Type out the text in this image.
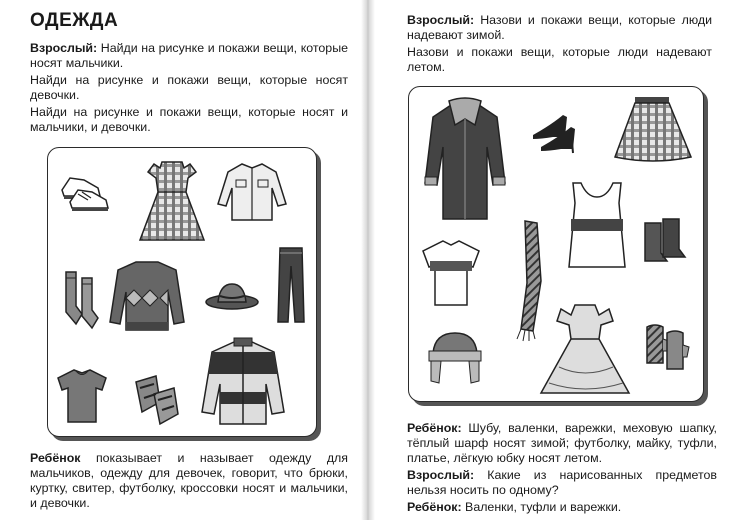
ОДЕЖДА

Взрослый: Найди на рисунке и покажи вещи, которые носят мальчики.

Найди на рисунке и покажи вещи, которые носят девочки.

Найди на рисунке и покажи вещи, которые носят и мальчики, и девочки.

Ребёнок показывает и называет одежду для мальчиков, одежду для девочек, говорит, что брюки, куртку, свитер, футболку, кроссовки носят и мальчики, и девочки.

Взрослый: Назови и покажи вещи, которые люди надевают зимой.

Назови и покажи вещи, которые люди надевают летом.

Ребёнок: Шубу, валенки, варежки, меховую шапку, тёплый шарф носят зимой; футболку, майку, туфли, платье, лёгкую юбку носят летом.

Взрослый: Какие из нарисованных предметов нельзя носить по одному?

Ребёнок: Валенки, туфли и варежки.
